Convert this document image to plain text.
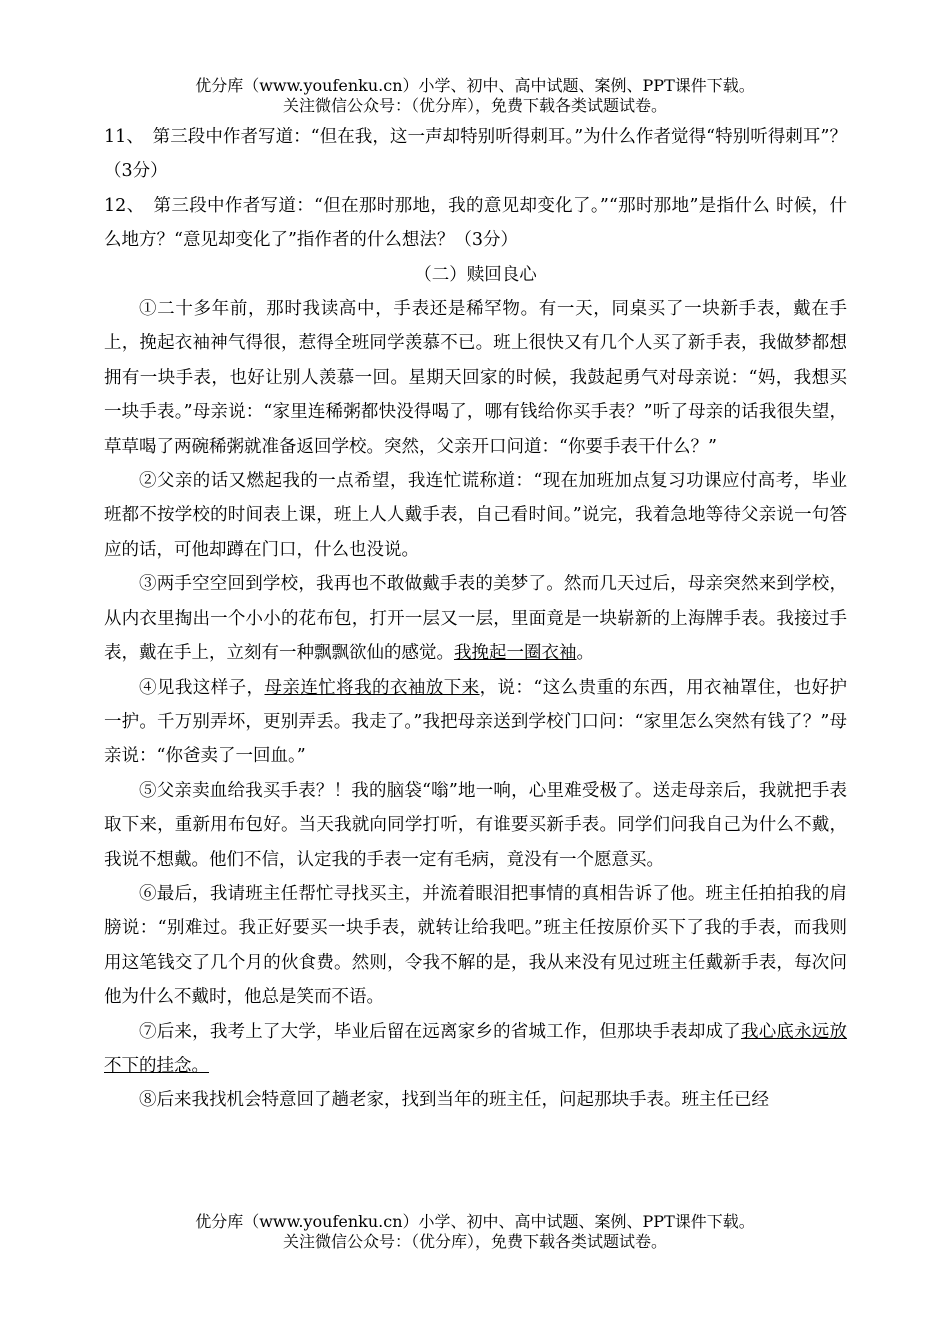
优分库（www.youfenku.cn）小学、初中、高中试题、案例、PPT课件下载。
关注微信公众号：（优分库），免费下载各类试题试卷。

11、　第三段中作者写道：“但在我，这一声却特别听得刺耳。”为什么作者觉得“特别听得刺耳”？　（3分）

12、　第三段中作者写道：“但在那时那地，我的意见却变化了。”“那时那地”是指什么 时候，什么地方？“意见却变化了”指作者的什么想法？（3分）

（二）赎回良心

①二十多年前，那时我读高中，手表还是稀罕物。有一天，同桌买了一块新手表，戴在手上，挽起衣袖神气得很，惹得全班同学羡慕不已。班上很快又有几个人买了新手表，我做梦都想拥有一块手表，也好让别人羡慕一回。星期天回家的时候，我鼓起勇气对母亲说：“妈，我想买一块手表。”母亲说：“家里连稀粥都快没得喝了，哪有钱给你买手表？”听了母亲的话我很失望，草草喝了两碗稀粥就准备返回学校。突然，父亲开口问道：“你要手表干什么？”

②父亲的话又燃起我的一点希望，我连忙谎称道：“现在加班加点复习功课应付高考，毕业班都不按学校的时间表上课，班上人人戴手表，自己看时间。”说完，我着急地等待父亲说一句答应的话，可他却蹲在门口，什么也没说。

③两手空空回到学校，我再也不敢做戴手表的美梦了。然而几天过后，母亲突然来到学校，从内衣里掏出一个小小的花布包，打开一层又一层，里面竟是一块崭新的上海牌手表。我接过手表，戴在手上，立刻有一种飘飘欲仙的感觉。我挽起一圈衣袖。

④见我这样子，母亲连忙将我的衣袖放下来，说：“这么贵重的东西，用衣袖罩住，也好护一护。千万别弄坏，更别弄丢。我走了。”我把母亲送到学校门口问：“家里怎么突然有钱了？”母亲说：“你爸卖了一回血。”

⑤父亲卖血给我买手表？！我的脑袋“嗡”地一响，心里难受极了。送走母亲后，我就把手表取下来，重新用布包好。当天我就向同学打听，有谁要买新手表。同学们问我自己为什么不戴，我说不想戴。他们不信，认定我的手表一定有毛病，竟没有一个愿意买。

⑥最后，我请班主任帮忙寻找买主，并流着眼泪把事情的真相告诉了他。班主任拍拍我的肩膀说：“别难过。我正好要买一块手表，就转让给我吧。”班主任按原价买下了我的手表，而我则用这笔钱交了几个月的伙食费。然则，令我不解的是，我从来没有见过班主任戴新手表，每次问他为什么不戴时，他总是笑而不语。

⑦后来，我考上了大学，毕业后留在远离家乡的省城工作，但那块手表却成了我心底永远放不下的挂念。

⑧后来我找机会特意回了趟老家，找到当年的班主任，问起那块手表。班主任已经

优分库（www.youfenku.cn）小学、初中、高中试题、案例、PPT课件下载。
关注微信公众号：（优分库），免费下载各类试题试卷。
